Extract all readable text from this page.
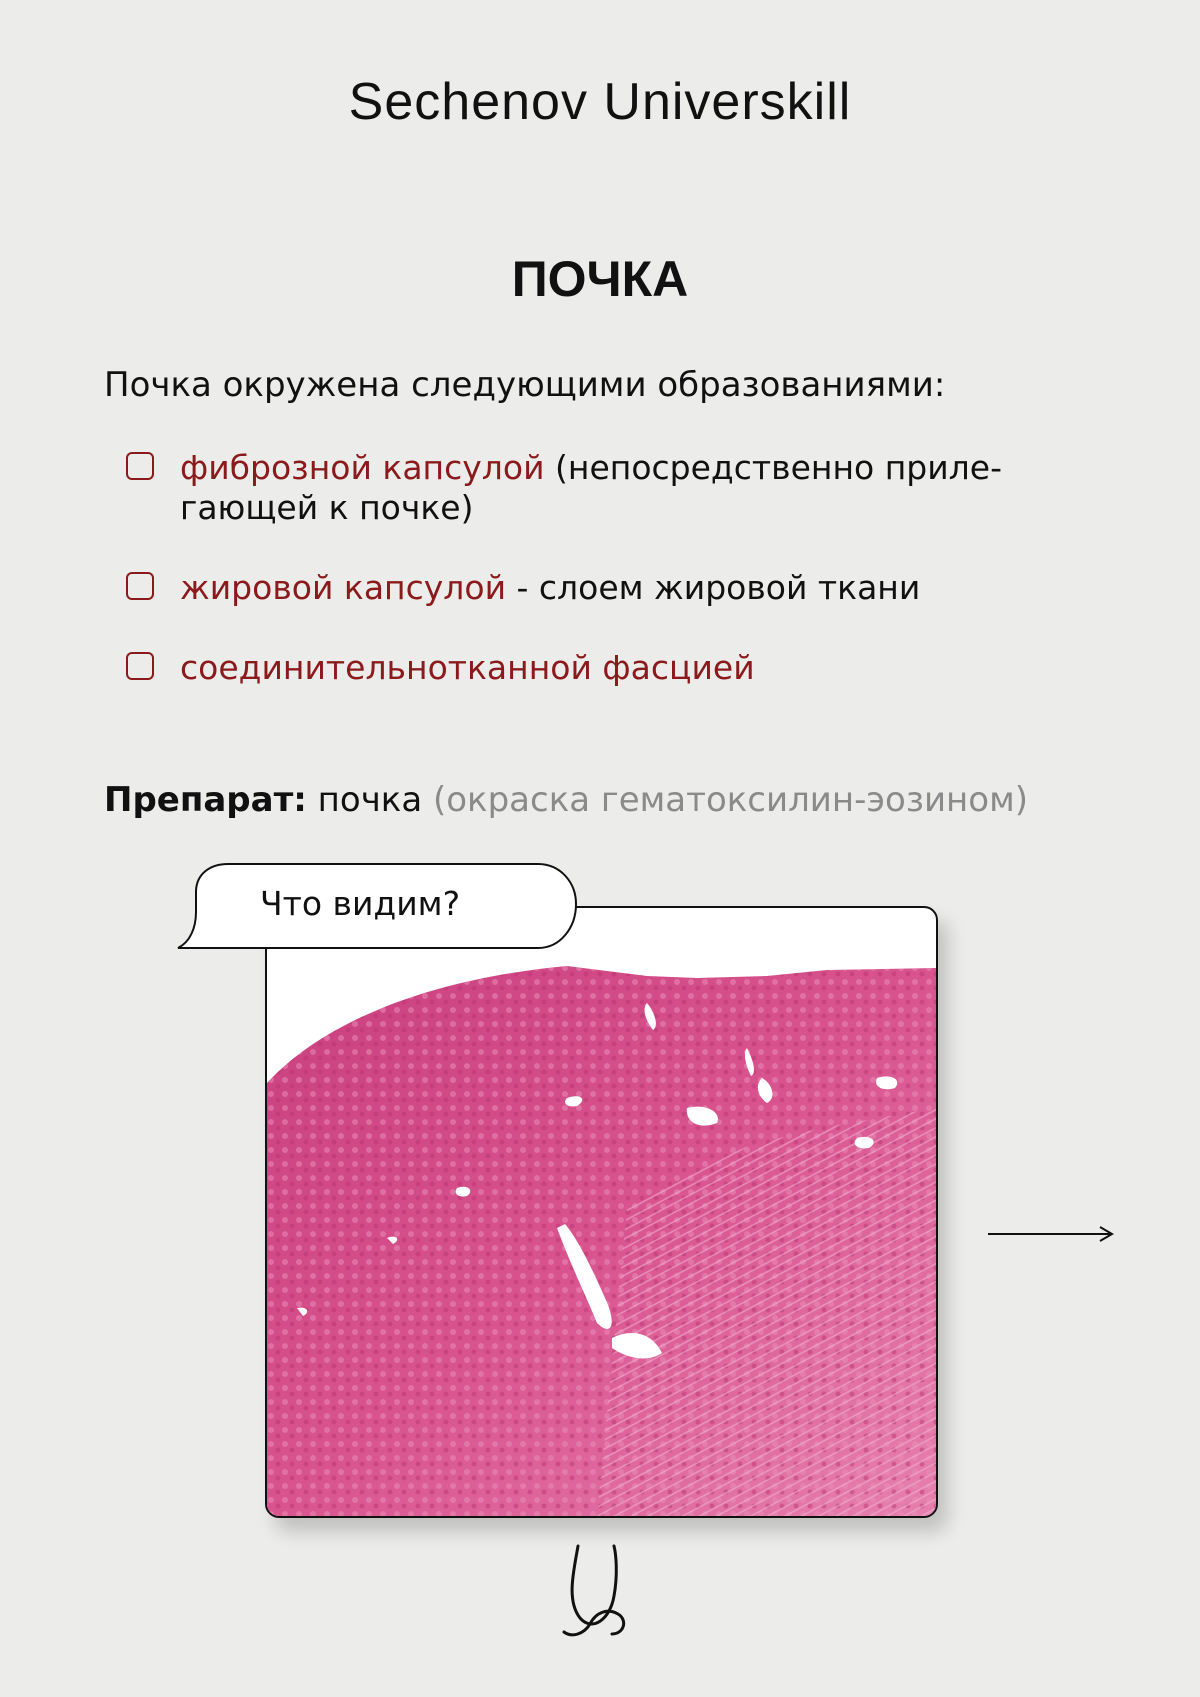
Sechenov Universkill
ПОЧКА
Почка окружена следующими образованиями:
фиброзной капсулой (непосредственно приле-гающей к почке)
жировой капсулой - слоем жировой ткани
соединительнотканной фасцией
Препарат: почка (окраска гематоксилин-эозином)
Что видим?
